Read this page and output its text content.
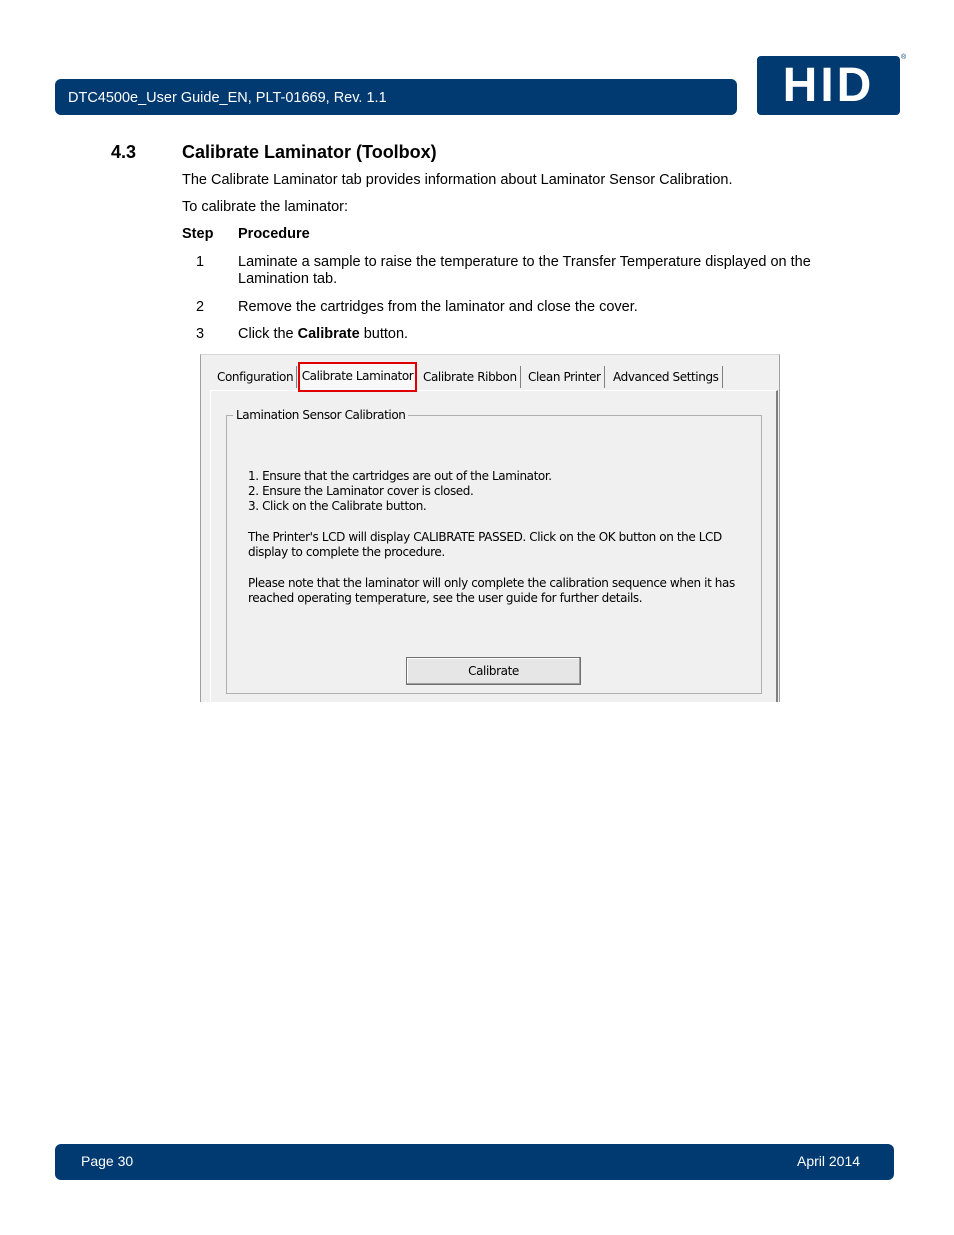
DTC4500e_User Guide_EN, PLT-01669, Rev. 1.1	HID
®
4.3	Calibrate Laminator (Toolbox)
The Calibrate Laminator tab provides information about Laminator Sensor Calibration.
To calibrate the laminator:
Step Procedure
1 Laminate a sample to raise the temperature to the Transfer Temperature displayed on the Lamination tab.
2 Remove the cartridges from the laminator and close the cover.
3 Click the Calibrate button.
Configuration Calibrate Laminator Calibrate Ribbon Clean Printer	Advanced Settings
Lamination Sensor Calibration
1. Ensure that the cartridges are out of the Laminator.
2. Ensure the Laminator cover is closed.
3. Click on the Calibrate button.
The Printer's LCD will display CALIBRATE PASSED. Click on the OK button on the LCD
display to complete the procedure.
Please note that the laminator will only complete the calibration sequence when it has
reached operating temperature, see the user guide for further details.
Calibrate
Page 30	April 2014
